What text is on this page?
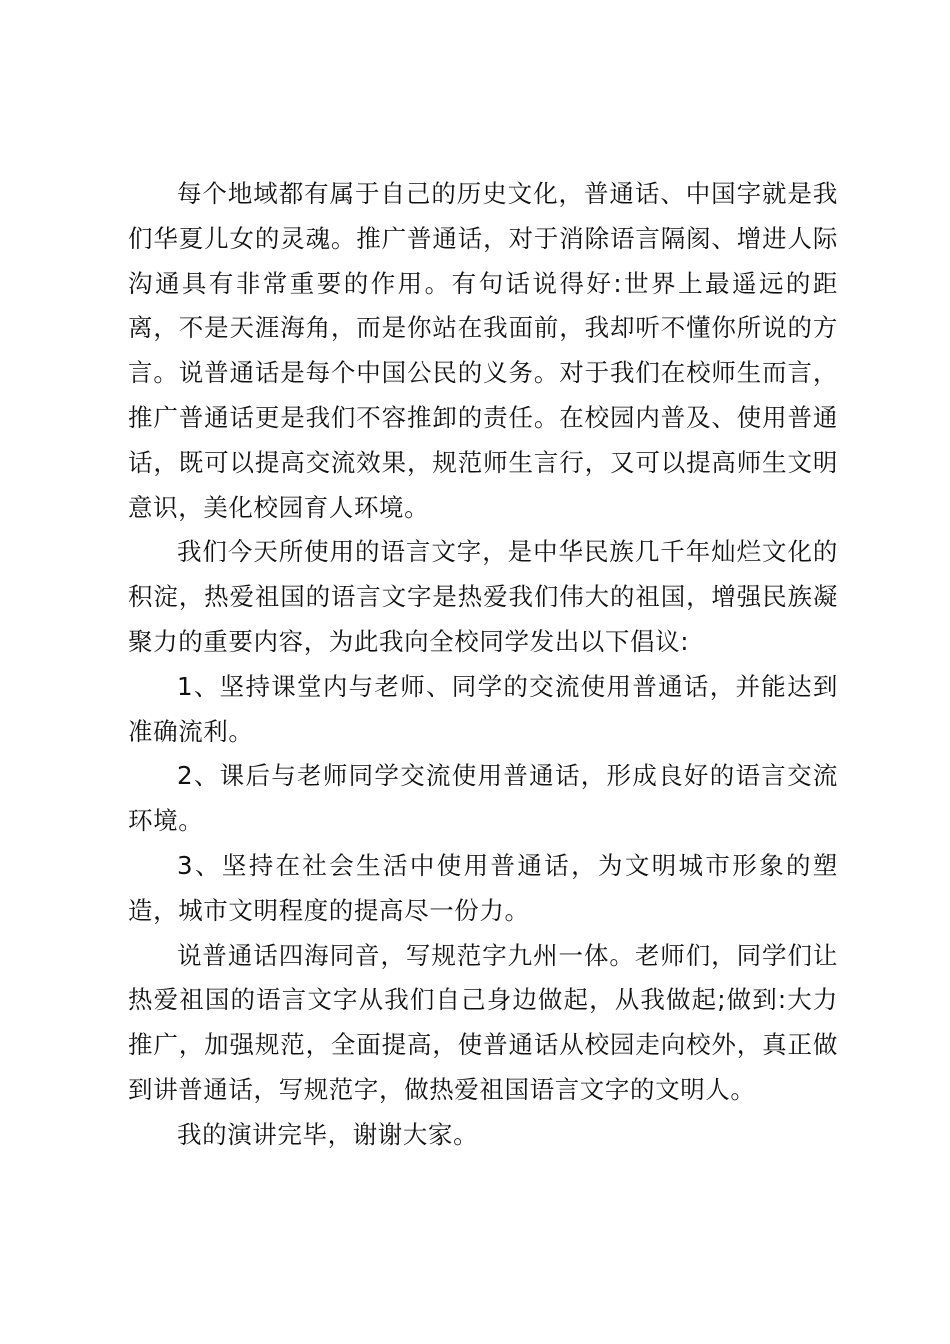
每个地域都有属于自己的历史文化，普通话、中国字就是我们华夏儿女的灵魂。推广普通话，对于消除语言隔阂、增进人际沟通具有非常重要的作用。有句话说得好:世界上最遥远的距离，不是天涯海角，而是你站在我面前，我却听不懂你所说的方言。说普通话是每个中国公民的义务。对于我们在校师生而言，推广普通话更是我们不容推卸的责任。在校园内普及、使用普通话，既可以提高交流效果，规范师生言行，又可以提高师生文明意识，美化校园育人环境。

我们今天所使用的语言文字，是中华民族几千年灿烂文化的积淀，热爱祖国的语言文字是热爱我们伟大的祖国，增强民族凝聚力的重要内容，为此我向全校同学发出以下倡议:

1、坚持课堂内与老师、同学的交流使用普通话，并能达到准确流利。

2、课后与老师同学交流使用普通话，形成良好的语言交流环境。

3、坚持在社会生活中使用普通话，为文明城市形象的塑造，城市文明程度的提高尽一份力。

说普通话四海同音，写规范字九州一体。老师们，同学们让热爱祖国的语言文字从我们自己身边做起，从我做起;做到:大力推广，加强规范，全面提高，使普通话从校园走向校外，真正做到讲普通话，写规范字，做热爱祖国语言文字的文明人。

我的演讲完毕，谢谢大家。
